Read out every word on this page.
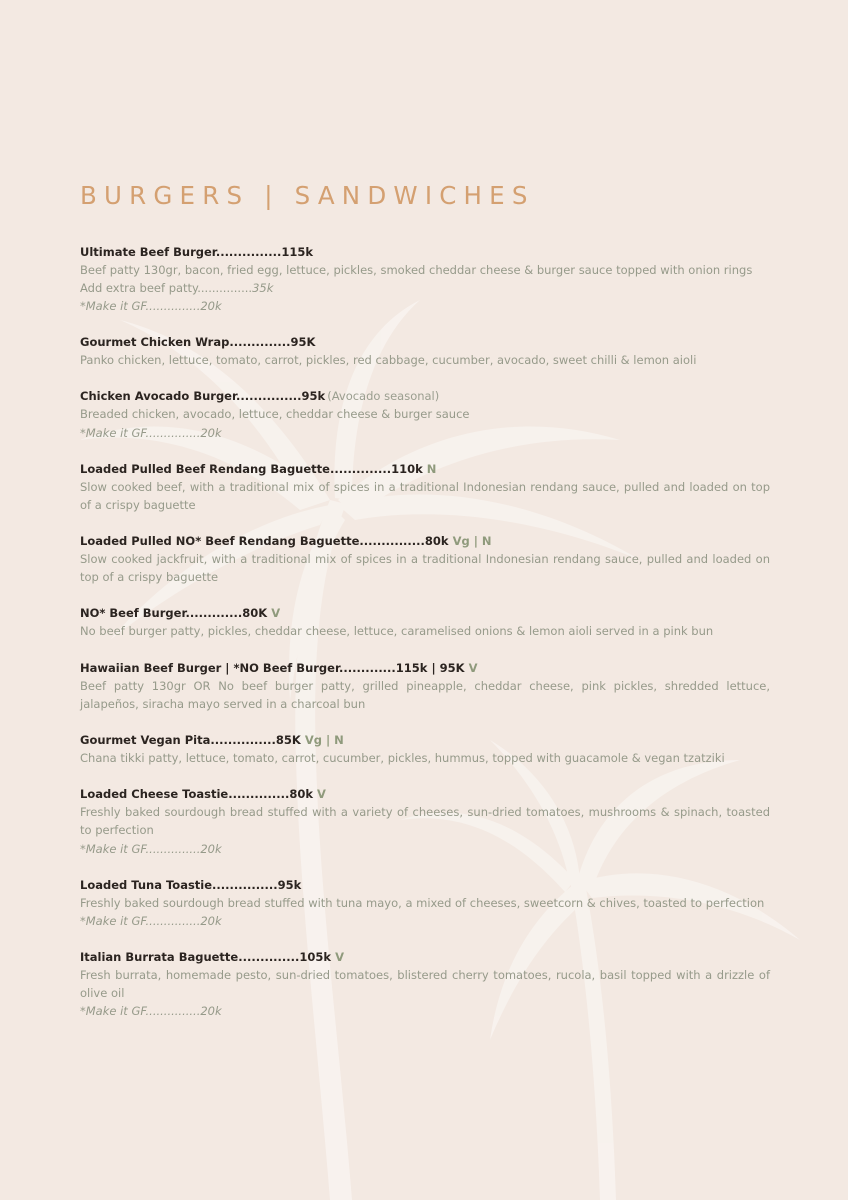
BURGERS | SANDWICHES
Ultimate Beef Burger...............115k
Beef patty 130gr, bacon, fried egg, lettuce, pickles, smoked cheddar cheese & burger sauce topped with onion rings
Add extra beef patty...............35k
*Make it GF...............20k
Gourmet Chicken Wrap..............95K
Panko chicken, lettuce, tomato, carrot, pickles, red cabbage, cucumber, avocado, sweet chilli & lemon aioli
Chicken Avocado Burger...............95k (Avocado seasonal)
Breaded chicken, avocado, lettuce, cheddar cheese & burger sauce
*Make it GF...............20k
Loaded Pulled Beef Rendang Baguette..............110k N
Slow cooked beef, with a traditional mix of spices in a traditional Indonesian rendang sauce, pulled and loaded on top of a crispy baguette
Loaded Pulled NO* Beef Rendang Baguette...............80k Vg | N
Slow cooked jackfruit, with a traditional mix of spices in a traditional Indonesian rendang sauce, pulled and loaded on top of a crispy baguette
NO* Beef Burger.............80K V
No beef burger patty, pickles, cheddar cheese, lettuce, caramelised onions & lemon aioli served in a pink bun
Hawaiian Beef Burger | *NO Beef Burger.............115k | 95K V
Beef patty 130gr OR No beef burger patty, grilled pineapple, cheddar cheese, pink pickles, shredded lettuce, jalapeños, siracha mayo served in a charcoal bun
Gourmet Vegan Pita...............85K Vg | N
Chana tikki patty, lettuce, tomato, carrot, cucumber, pickles, hummus, topped with guacamole & vegan tzatziki
Loaded Cheese Toastie..............80k V
Freshly baked sourdough bread stuffed with a variety of cheeses, sun-dried tomatoes, mushrooms & spinach, toasted to perfection
*Make it GF...............20k
Loaded Tuna Toastie...............95k
Freshly baked sourdough bread stuffed with tuna mayo, a mixed of cheeses, sweetcorn & chives, toasted to perfection
*Make it GF...............20k
Italian Burrata Baguette..............105k V
Fresh burrata, homemade pesto, sun-dried tomatoes, blistered cherry tomatoes, rucola, basil topped with a drizzle of olive oil
*Make it GF...............20k
